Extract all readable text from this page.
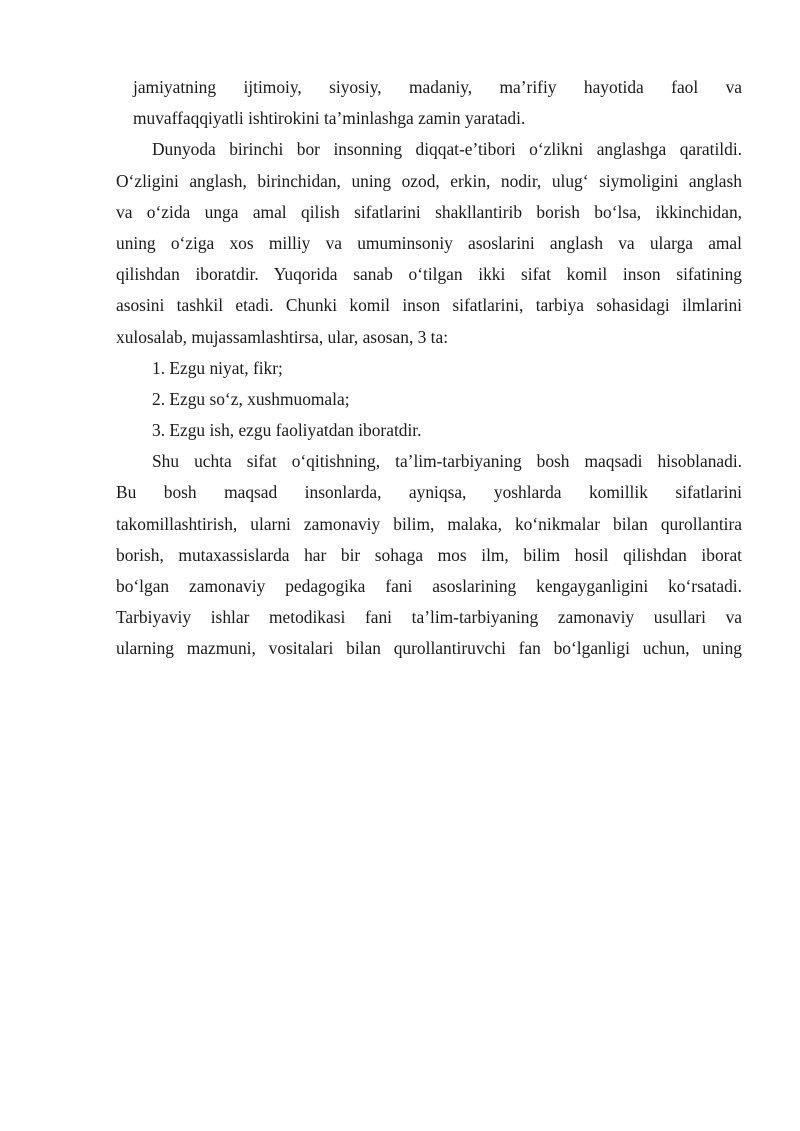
jamiyatning ijtimoiy, siyosiy, madaniy, ma’rifiy hayotida faol va
muvaffaqqiyatli ishtirokini ta’minlashga zamin yaratadi.
Dunyoda birinchi bor insonning diqqat-e’tibori o‘zlikni anglashga qaratildi.
O‘zligini anglash, birinchidan, uning ozod, erkin, nodir, ulug‘ siymoligini anglash
va o‘zida unga amal qilish sifatlarini shakllantirib borish bo‘lsa, ikkinchidan,
uning o‘ziga xos milliy va umuminsoniy asoslarini anglash va ularga amal
qilishdan iboratdir. Yuqorida sanab o‘tilgan ikki sifat komil inson sifatining
asosini tashkil etadi. Chunki komil inson sifatlarini, tarbiya sohasidagi ilmlarini
xulosalab, mujassamlashtirsa, ular, asosan, 3 ta:
1. Ezgu niyat, fikr;
2. Ezgu so‘z, xushmuomala;
3. Ezgu ish, ezgu faoliyatdan iboratdir.
Shu uchta sifat o‘qitishning, ta’lim-tarbiyaning bosh maqsadi hisoblanadi.
Bu bosh maqsad insonlarda, ayniqsa, yoshlarda komillik sifatlarini
takomillashtirish, ularni zamonaviy bilim, malaka, ko‘nikmalar bilan qurollantira
borish, mutaxassislarda har bir sohaga mos ilm, bilim hosil qilishdan iborat
bo‘lgan zamonaviy pedagogika fani asoslarining kengayganligini ko‘rsatadi.
Tarbiyaviy ishlar metodikasi fani ta’lim-tarbiyaning zamonaviy usullari va
ularning mazmuni, vositalari bilan qurollantiruvchi fan bo‘lganligi uchun, uning
